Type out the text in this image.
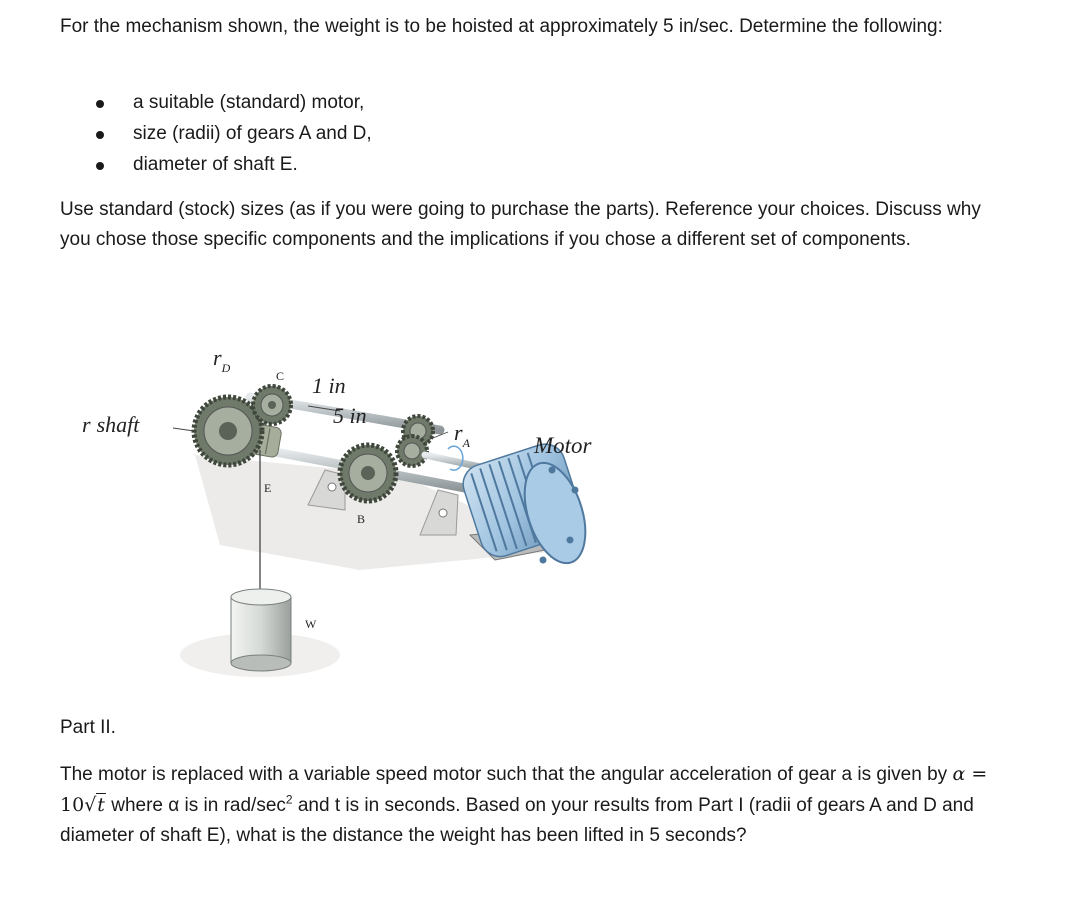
For the mechanism shown, the weight is to be hoisted at approximately 5 in/sec. Determine the following:

a suitable (standard) motor,
size (radii) of gears A and D,
diameter of shaft E.

Use standard (stock) sizes (as if you were going to purchase the parts). Reference your choices. Discuss why you chose those specific components and the implications if you chose a different set of components.

$r_D$
C 1 in
5 in
$r_A$
r shaft
E
B
W
Motor

Part II.

The motor is replaced with a variable speed motor such that the angular acceleration of gear a is given by α = 10√t where α is in rad/$\sec^2$ and t is in seconds. Based on your results from Part I (radii of gears A and D and diameter of shaft E), what is the distance the weight has been lifted in 5 seconds?
